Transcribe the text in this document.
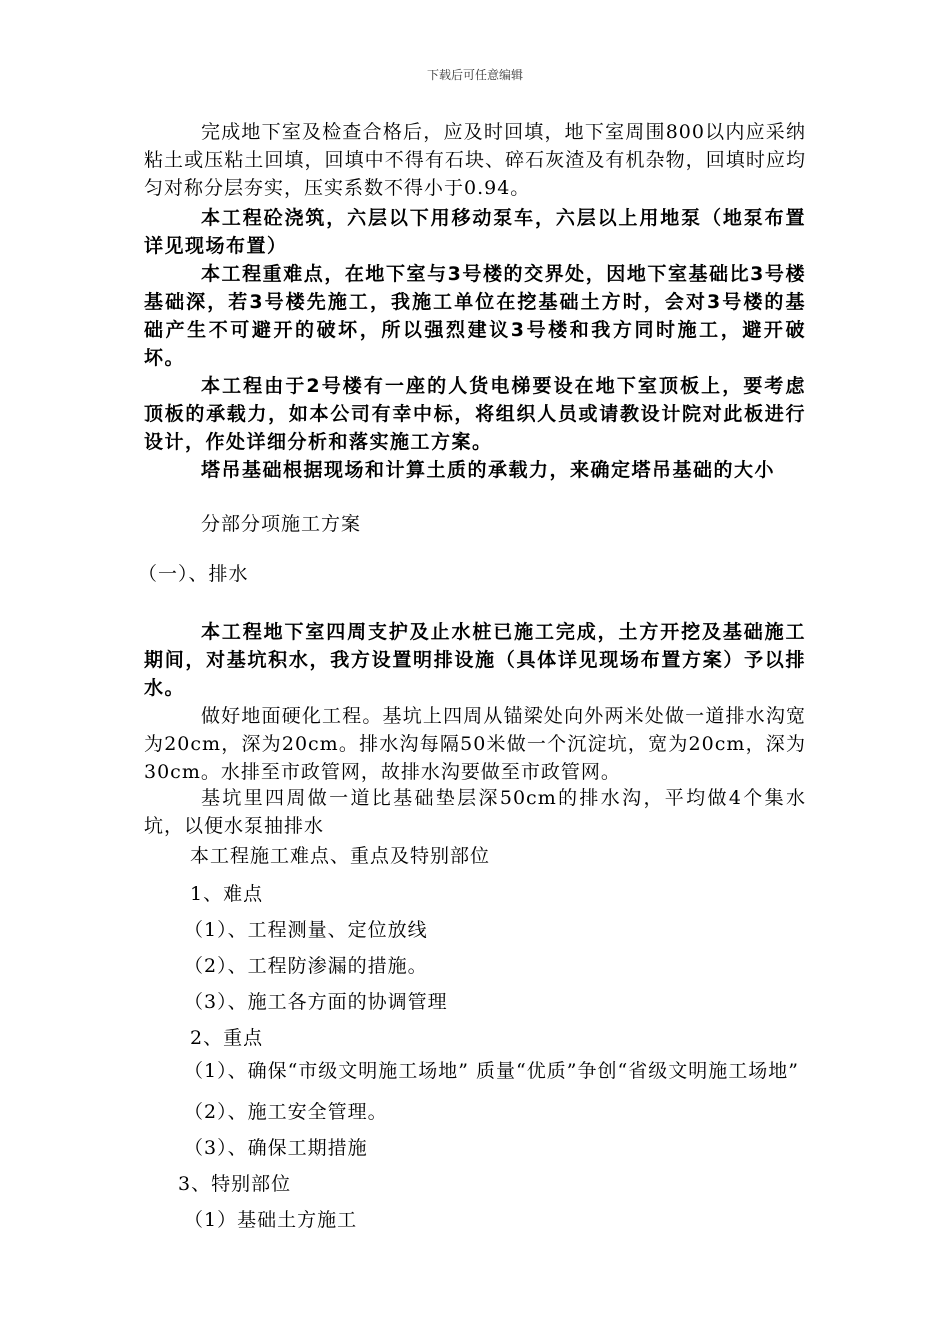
下载后可任意编辑

完成地下室及检查合格后，应及时回填，地下室周围800以内应采纳粘土或压粘土回填，回填中不得有石块、碎石灰渣及有机杂物，回填时应均匀对称分层夯实，压实系数不得小于0.94。

本工程砼浇筑，六层以下用移动泵车，六层以上用地泵（地泵布置详见现场布置）

本工程重难点，在地下室与3号楼的交界处，因地下室基础比3号楼基础深，若3号楼先施工，我施工单位在挖基础土方时，会对3号楼的基础产生不可避开的破坏，所以强烈建议3号楼和我方同时施工，避开破坏。

本工程由于2号楼有一座的人货电梯要设在地下室顶板上，要考虑顶板的承载力，如本公司有幸中标，将组织人员或请教设计院对此板进行设计，作处详细分析和落实施工方案。

塔吊基础根据现场和计算土质的承载力，来确定塔吊基础的大小

分部分项施工方案

（一）、排水

本工程地下室四周支护及止水桩已施工完成，土方开挖及基础施工期间，对基坑积水，我方设置明排设施（具体详见现场布置方案）予以排水。

做好地面硬化工程。基坑上四周从锚梁处向外两米处做一道排水沟宽为20cm，深为20cm。排水沟每隔50米做一个沉淀坑，宽为20cm，深为30cm。水排至市政管网，故排水沟要做至市政管网。

基坑里四周做一道比基础垫层深50cm的排水沟，平均做4个集水坑，以便水泵抽排水

本工程施工难点、重点及特别部位

1、难点

（1）、工程测量、定位放线

（2）、工程防渗漏的措施。

（3）、施工各方面的协调管理

2、重点

（1）、确保“市级文明施工场地” 质量“优质”争创“省级文明施工场地”

（2）、施工安全管理。

（3）、确保工期措施

3、特别部位

（1）基础土方施工
